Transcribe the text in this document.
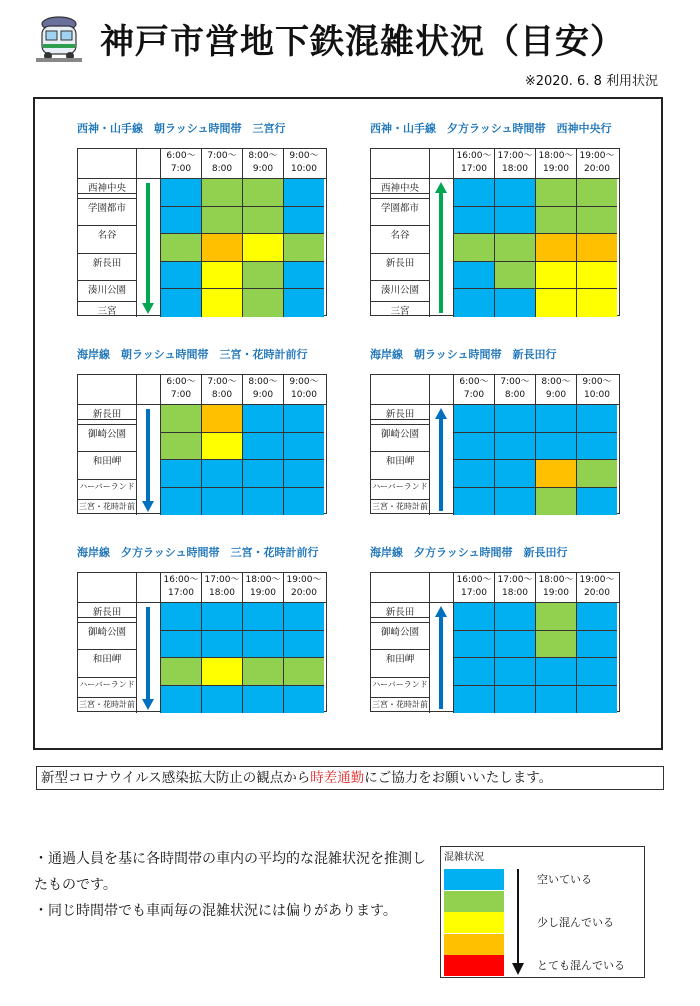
神戸市営地下鉄混雑状況（目安）
※2020. 6. 8 利用状況
西神・山手線　朝ラッシュ時間帯　三宮行
6:00～
7:00
7:00～
8:00
8:00～
9:00
9:00～
10:00
西神中央
学園都市
名谷
新長田
湊川公園
三宮
西神・山手線　夕方ラッシュ時間帯　西神中央行
16:00～
17:00
17:00～
18:00
18:00～
19:00
19:00～
20:00
西神中央
学園都市
名谷
新長田
湊川公園
三宮
海岸線　朝ラッシュ時間帯　三宮・花時計前行
6:00～
7:00
7:00～
8:00
8:00～
9:00
9:00～
10:00
新長田
御崎公園
和田岬
ハーバーランド
三宮・花時計前
海岸線　朝ラッシュ時間帯　新長田行
6:00～
7:00
7:00～
8:00
8:00～
9:00
9:00～
10:00
新長田
御崎公園
和田岬
ハーバーランド
三宮・花時計前
海岸線　夕方ラッシュ時間帯　三宮・花時計前行
16:00～
17:00
17:00～
18:00
18:00～
19:00
19:00～
20:00
新長田
御崎公園
和田岬
ハーバーランド
三宮・花時計前
海岸線　夕方ラッシュ時間帯　新長田行
16:00～
17:00
17:00～
18:00
18:00～
19:00
19:00～
20:00
新長田
御崎公園
和田岬
ハーバーランド
三宮・花時計前
新型コロナウイルス感染拡大防止の観点から時差通勤にご協力をお願いいたします。
・通過人員を基に各時間帯の車内の平均的な混雑状況を推測したものです。
・同じ時間帯でも車両毎の混雑状況には偏りがあります。
混雑状況
空いている
少し混んでいる
とても混んでいる
